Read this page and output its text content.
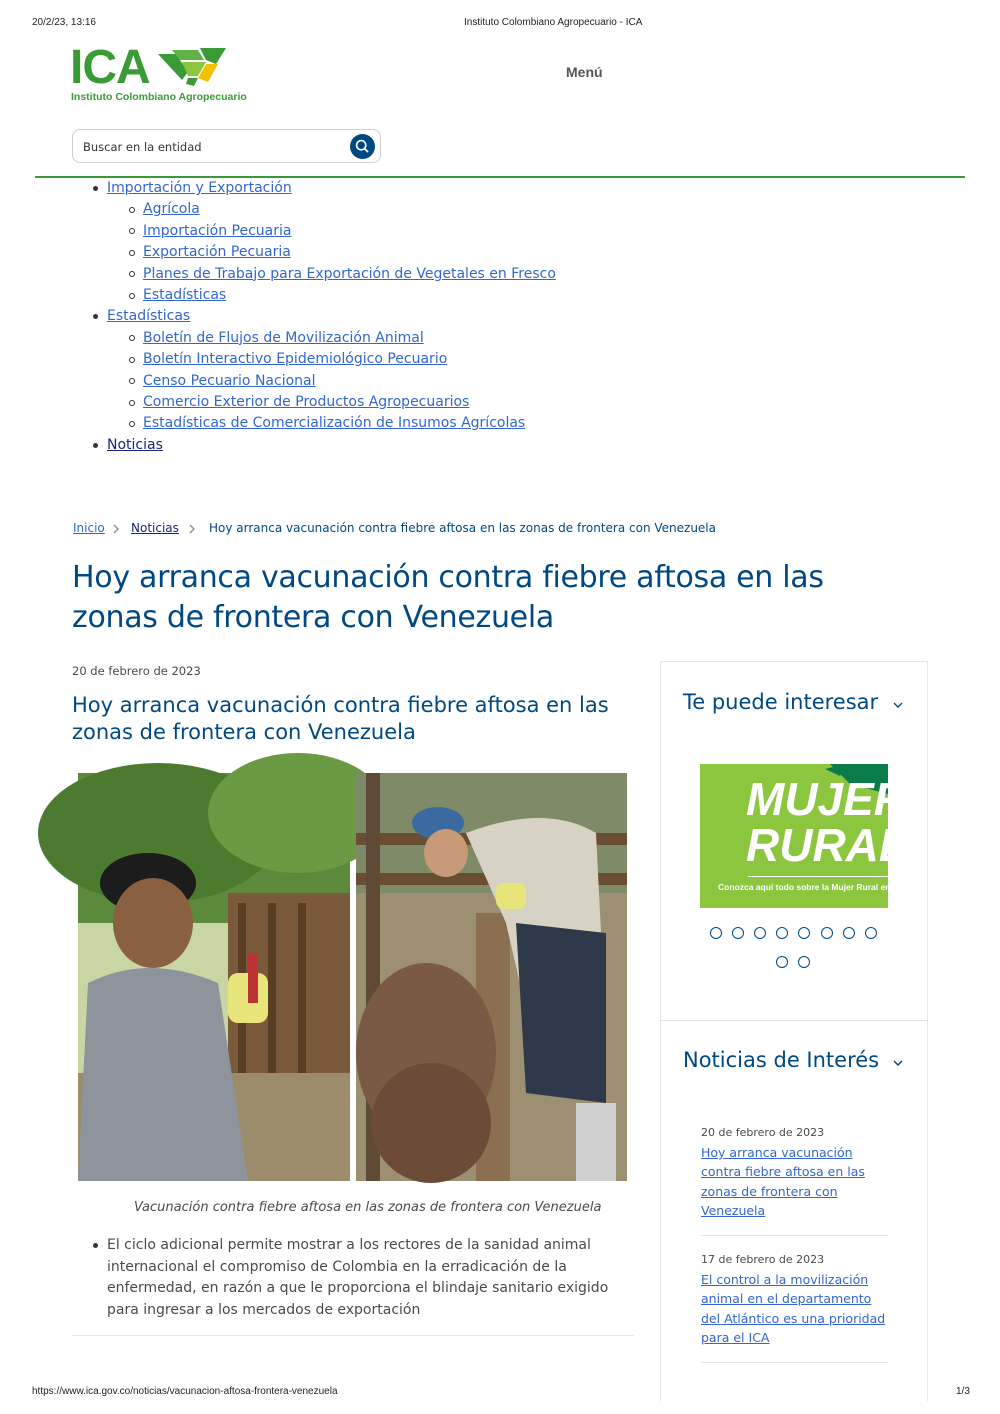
20/2/23, 13:16	Instituto Colombiano Agropecuario - ICA
ICA
Instituto Colombiano Agropecuario
Menú
Buscar en la entidad
Importación y Exportación
Agrícola
Importación Pecuaria
Exportación Pecuaria
Planes de Trabajo para Exportación de Vegetales en Fresco
Estadísticas
Estadísticas
Boletín de Flujos de Movilización Animal
Boletín Interactivo Epidemiológico Pecuario
Censo Pecuario Nacional
Comercio Exterior de Productos Agropecuarios
Estadísticas de Comercialización de Insumos Agrícolas
Noticias
Inicio Noticias	Hoy arranca vacunación contra fiebre aftosa en las zonas de frontera con Venezuela
Hoy arranca vacunación contra fiebre aftosa en las
zonas de frontera con Venezuela
20 de febrero de 2023
Hoy arranca vacunación contra fiebre aftosa en las
zonas de frontera con Venezuela
Vacunación contra fiebre aftosa en las zonas de frontera con Venezuela
El ciclo adicional permite mostrar a los rectores de la sanidad animal
internacional el compromiso de Colombia en la erradicación de la
enfermedad, en razón a que le proporciona el blindaje sanitario exigido
para ingresar a los mercados de exportación
Te puede interesar
MUJER
RURAL
Conozca aquí todo sobre la Mujer Rural en
Noticias de Interés
20 de febrero de 2023
Hoy arranca vacunación
contra fiebre aftosa en las
zonas de frontera con
Venezuela
17 de febrero de 2023
El control a la movilización
animal en el departamento
del Atlántico es una prioridad
para el ICA
https://www.ica.gov.co/noticias/vacunacion-aftosa-frontera-venezuela	1/3
